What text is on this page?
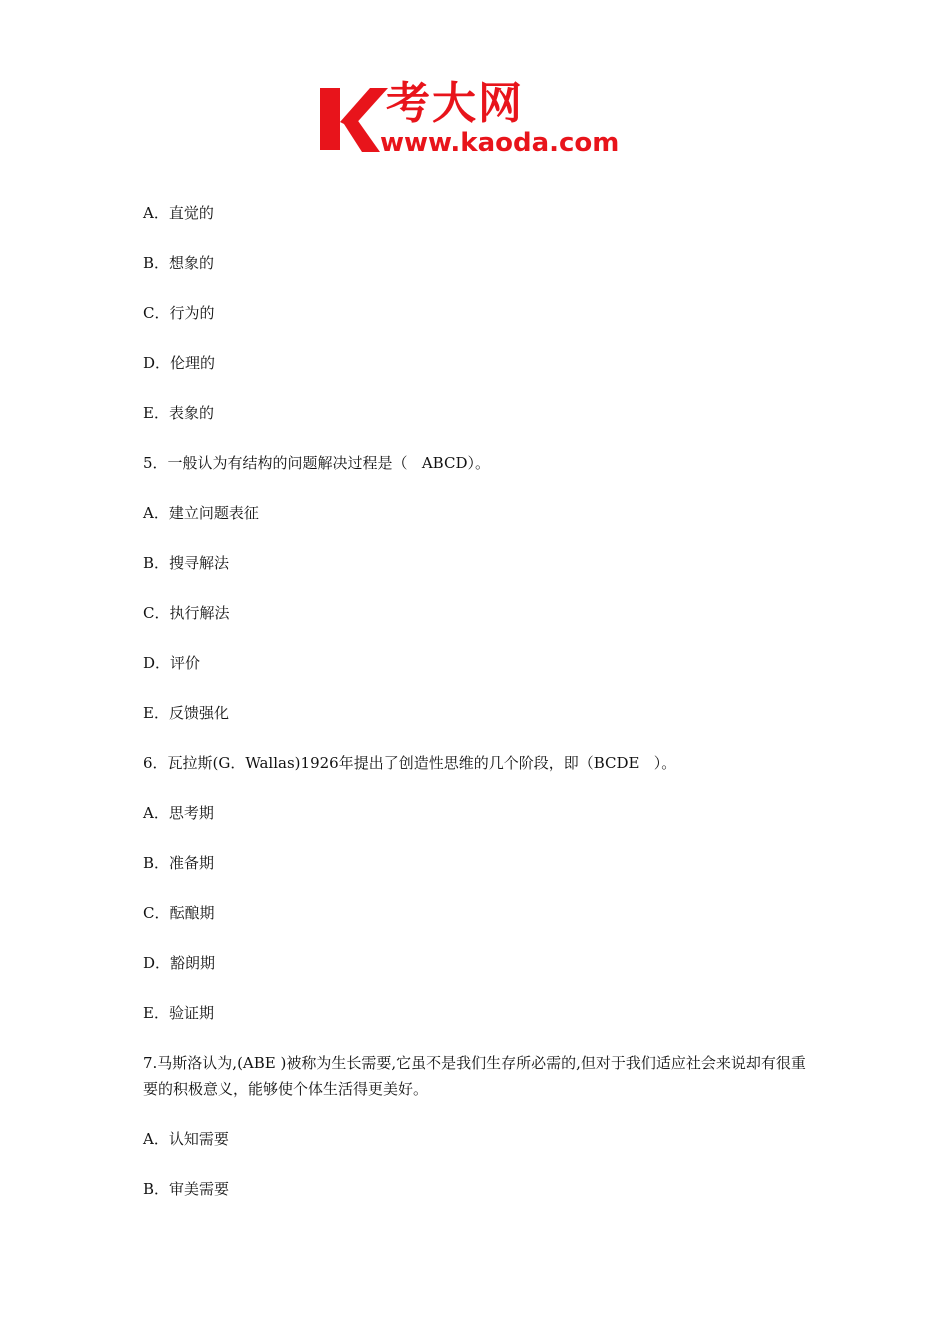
考大网
www.kaoda.com
A．直觉的
B．想象的
C．行为的
D．伦理的
E．表象的
5．一般认为有结构的问题解决过程是（   ABCD）。
A．建立问题表征
B．搜寻解法
C．执行解法
D．评价
E．反馈强化
6．瓦拉斯(G．Wallas)1926年提出了创造性思维的几个阶段，即（BCDE   ）。
A．思考期
B．准备期
C．酝酿期
D．豁朗期
E．验证期
7.马斯洛认为,(ABE )被称为生长需要,它虽不是我们生存所必需的,但对于我们适应社会来说却有很重要的积极意义，能够使个体生活得更美好。
A．认知需要
B．审美需要
